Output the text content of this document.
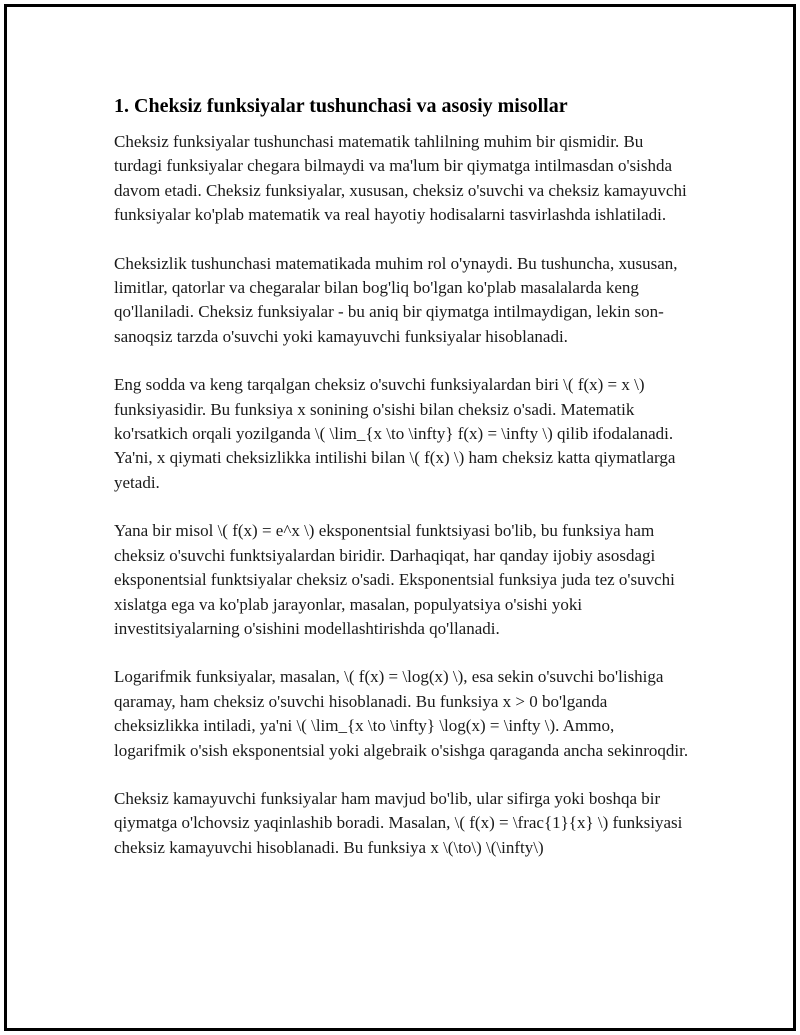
1. Cheksiz funksiyalar tushunchasi va asosiy misollar

Cheksiz funksiyalar tushunchasi matematik tahlilning muhim bir qismidir. Bu turdagi funksiyalar chegara bilmaydi va ma'lum bir qiymatga intilmasdan o'sishda davom etadi. Cheksiz funksiyalar, xususan, cheksiz o'suvchi va cheksiz kamayuvchi funksiyalar ko'plab matematik va real hayotiy hodisalarni tasvirlashda ishlatiladi.

Cheksizlik tushunchasi matematikada muhim rol o'ynaydi. Bu tushuncha, xususan, limitlar, qatorlar va chegaralar bilan bog'liq bo'lgan ko'plab masalalarda keng qo'llaniladi. Cheksiz funksiyalar - bu aniq bir qiymatga intilmaydigan, lekin son-sanoqsiz tarzda o'suvchi yoki kamayuvchi funksiyalar hisoblanadi.

Eng sodda va keng tarqalgan cheksiz o'suvchi funksiyalardan biri \( f(x) = x \) funksiyasidir. Bu funksiya x sonining o'sishi bilan cheksiz o'sadi. Matematik ko'rsatkich orqali yozilganda \( \lim_{x \to \infty} f(x) = \infty \) qilib ifodalanadi. Ya'ni, x qiymati cheksizlikka intilishi bilan \( f(x) \) ham cheksiz katta qiymatlarga yetadi.

Yana bir misol \( f(x) = e^x \) eksponentsial funktsiyasi bo'lib, bu funksiya ham cheksiz o'suvchi funktsiyalardan biridir. Darhaqiqat, har qanday ijobiy asosdagi eksponentsial funktsiyalar cheksiz o'sadi. Eksponentsial funksiya juda tez o'suvchi xislatga ega va ko'plab jarayonlar, masalan, populyatsiya o'sishi yoki investitsiyalarning o'sishini modellashtirishda qo'llanadi.

Logarifmik funksiyalar, masalan, \( f(x) = \log(x) \), esa sekin o'suvchi bo'lishiga qaramay, ham cheksiz o'suvchi hisoblanadi. Bu funksiya x > 0 bo'lganda cheksizlikka intiladi, ya'ni \( \lim_{x \to \infty} \log(x) = \infty \). Ammo, logarifmik o'sish eksponentsial yoki algebraik o'sishga qaraganda ancha sekinroqdir.

Cheksiz kamayuvchi funksiyalar ham mavjud bo'lib, ular sifirga yoki boshqa bir qiymatga o'lchovsiz yaqinlashib boradi. Masalan, \( f(x) = \frac{1}{x} \) funksiyasi cheksiz kamayuvchi hisoblanadi. Bu funksiya x \(\to\) \(\infty\)
